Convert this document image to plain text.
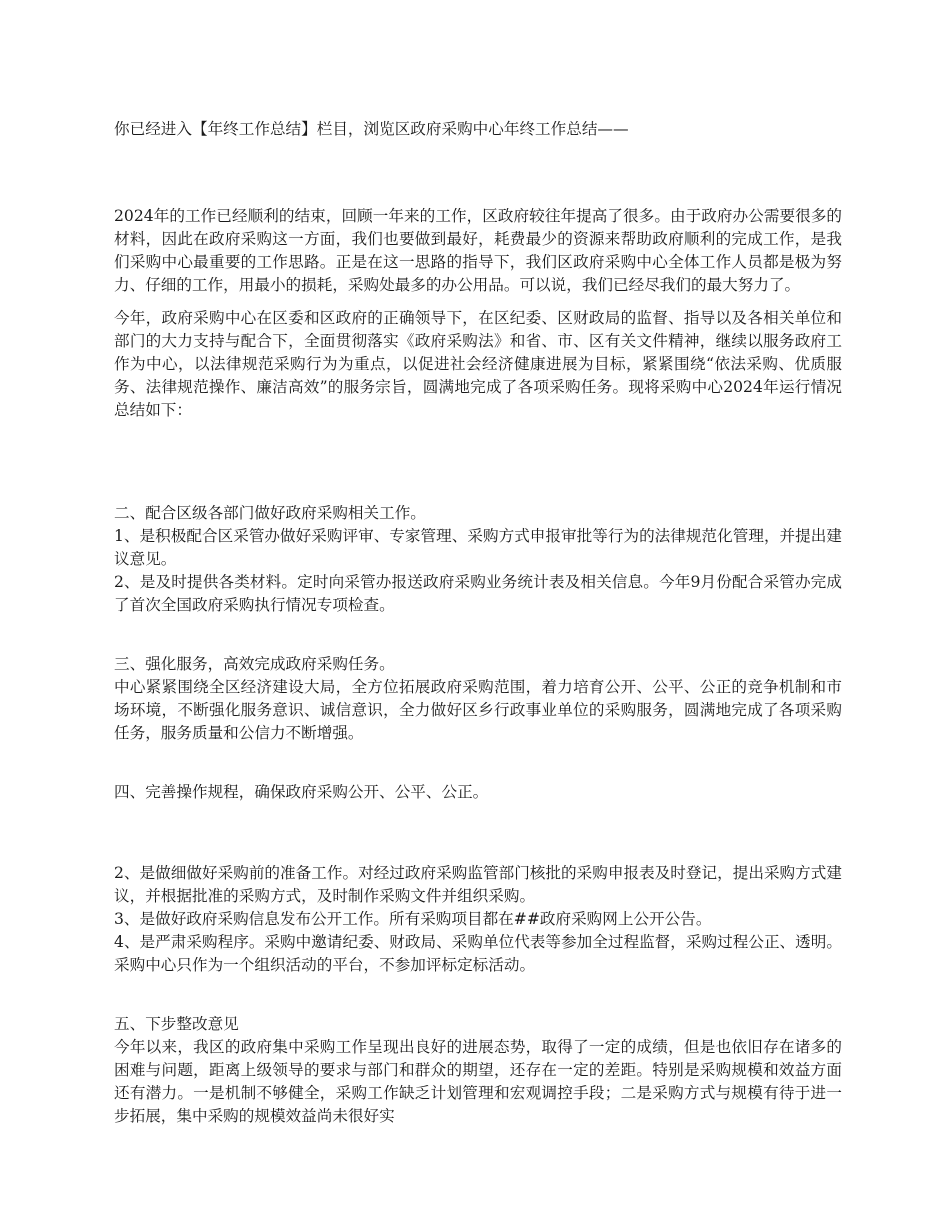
你已经进入【年终工作总结】栏目，浏览区政府采购中心年终工作总结——

2024年的工作已经顺利的结束，回顾一年来的工作，区政府较往年提高了很多。由于政府办公需要很多的材料，因此在政府采购这一方面，我们也要做到最好，耗费最少的资源来帮助政府顺利的完成工作，是我们采购中心最重要的工作思路。正是在这一思路的指导下，我们区政府采购中心全体工作人员都是极为努力、仔细的工作，用最小的损耗，采购处最多的办公用品。可以说，我们已经尽我们的最大努力了。

今年，政府采购中心在区委和区政府的正确领导下，在区纪委、区财政局的监督、指导以及各相关单位和部门的大力支持与配合下，全面贯彻落实《政府采购法》和省、市、区有关文件精神，继续以服务政府工作为中心，以法律规范采购行为为重点，以促进社会经济健康进展为目标，紧紧围绕“依法采购、优质服务、法律规范操作、廉洁高效”的服务宗旨，圆满地完成了各项采购任务。现将采购中心2024年运行情况总结如下：

二、配合区级各部门做好政府采购相关工作。

1、是积极配合区采管办做好采购评审、专家管理、采购方式申报审批等行为的法律规范化管理，并提出建议意见。

2、是及时提供各类材料。定时向采管办报送政府采购业务统计表及相关信息。今年9月份配合采管办完成了首次全国政府采购执行情况专项检查。

三、强化服务，高效完成政府采购任务。

中心紧紧围绕全区经济建设大局，全方位拓展政府采购范围，着力培育公开、公平、公正的竞争机制和市场环境，不断强化服务意识、诚信意识，全力做好区乡行政事业单位的采购服务，圆满地完成了各项采购任务，服务质量和公信力不断增强。

四、完善操作规程，确保政府采购公开、公平、公正。

2、是做细做好采购前的准备工作。对经过政府采购监管部门核批的采购申报表及时登记，提出采购方式建议，并根据批准的采购方式，及时制作采购文件并组织采购。

3、是做好政府采购信息发布公开工作。所有采购项目都在##政府采购网上公开公告。

4、是严肃采购程序。采购中邀请纪委、财政局、采购单位代表等参加全过程监督，采购过程公正、透明。采购中心只作为一个组织活动的平台，不参加评标定标活动。

五、下步整改意见

今年以来，我区的政府集中采购工作呈现出良好的进展态势，取得了一定的成绩，但是也依旧存在诸多的困难与问题，距离上级领导的要求与部门和群众的期望，还存在一定的差距。特别是采购规模和效益方面还有潜力。一是机制不够健全，采购工作缺乏计划管理和宏观调控手段；二是采购方式与规模有待于进一步拓展，集中采购的规模效益尚未很好实
